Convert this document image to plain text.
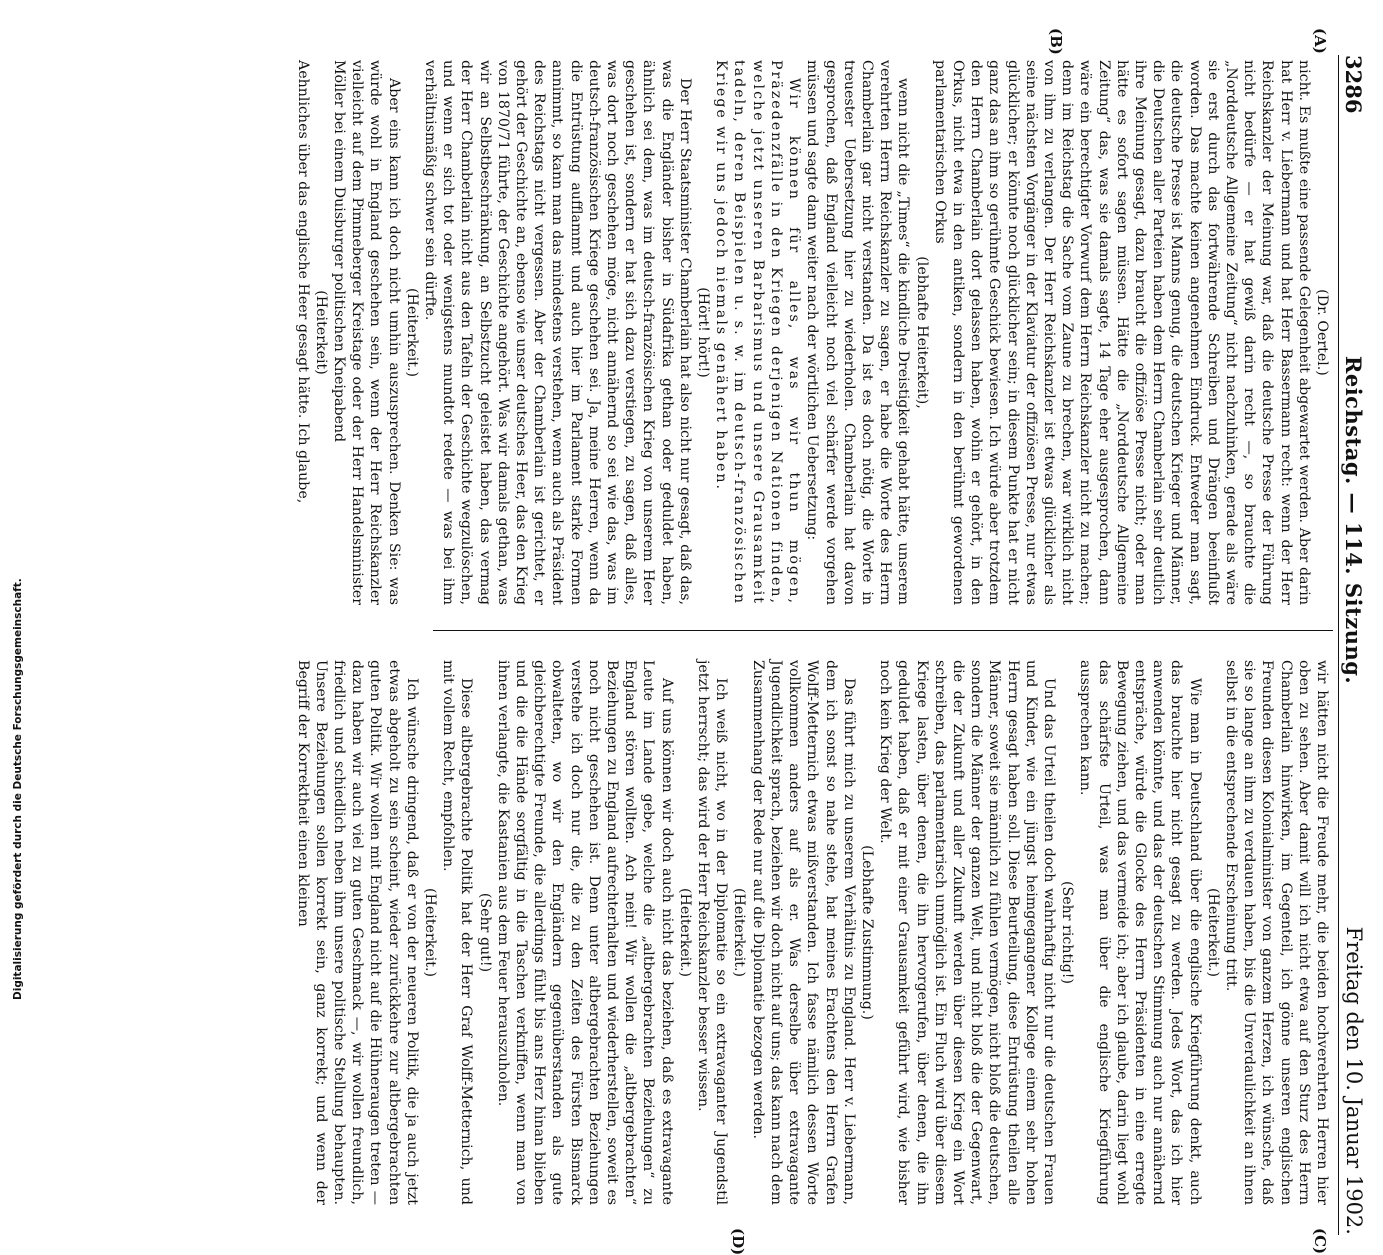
3286
Reichstag. — 114. Sitzung.
Freitag den 10. Januar 1902.
(A)
(B)
(C)
(D)

(Dr. Oertel.)

nicht. Es mußte eine passende Gelegenheit abgewartet werden. Aber darin hat Herr v. Liebermann und hat Herr Bassermann recht: wenn der Herr Reichskanzler der Meinung war, daß die deutsche Presse der Führung nicht bedürfe — er hat gewiß darin recht —, so brauchte die „Norddeutsche Allgemeine Zeitung“ nicht nachzuhinken, gerade als wäre sie erst durch das fortwährende Schreiben und Drängen beeinflußt worden. Das machte keinen angenehmen Eindruck. Entweder man sagt, die deutsche Presse ist Manns genug, die deutschen Krieger und Männer, die Deutschen aller Parteien haben dem Herrn Chamberlain sehr deutlich ihre Meinung gesagt, dazu braucht die offiziöse Presse nicht; oder man hätte es sofort sagen müssen. Hätte die „Norddeutsche Allgemeine Zeitung“ das, was sie damals sagte, 14 Tage eher ausgesprochen, dann wäre ein berechtigter Vorwurf dem Herrn Reichskanzler nicht zu machen; denn im Reichstag die Sache vom Zaune zu brechen, war wirklich nicht von ihm zu verlangen. Der Herr Reichskanzler ist etwas glücklicher als seine nächsten Vorgänger in der Klaviatur der offiziösen Presse, nur etwas glücklicher; er könnte noch glücklicher sein; in diesem Punkte hat er nicht ganz das an ihm so gerühmte Geschick bewiesen. Ich würde aber trotzdem den Herrn Chamberlain dort gelassen haben, wohin er gehört, in den Orkus, nicht etwa in den antiken, sondern in den berühmt gewordenen parlamentarischen Orkus

(lebhafte Heiterkeit),

wenn nicht die „Times“ die kindliche Dreistigkeit gehabt hätte, unserem verehrten Herrn Reichskanzler zu sagen, er habe die Worte des Herrn Chamberlain gar nicht verstanden. Da ist es doch nötig, die Worte in treuester Uebersetzung hier zu wiederholen. Chamberlain hat davon gesprochen, daß England vielleicht noch viel schärfer werde vorgehen müssen und sagte dann weiter nach der wörtlichen Uebersetzung:

Wir können für alles, was wir thun mögen, Präzedenzfälle in den Kriegen derjenigen Nationen finden, welche jetzt unseren Barbarismus und unsere Grausamkeit tadeln, deren Beispielen u. s. w. im deutsch-französischen Kriege wir uns jedoch niemals genähert haben.

(Hört! hört!)

Der Herr Staatsminister Chamberlain hat also nicht nur gesagt, daß das, was die Engländer bisher in Südafrika gethan oder geduldet haben, ähnlich sei dem, was im deutsch-französischen Krieg von unserem Heer geschehen ist, sondern er hat sich dazu verstiegen, zu sagen, daß alles, was dort noch geschehen möge, nicht annähernd so sei wie das, was im deutsch-französischen Kriege geschehen sei. Ja, meine Herren, wenn da die Entrüstung aufflammt und auch hier im Parlament starke Formen annimmt, so kann man das mindestens verstehen, wenn auch als Präsident des Reichstags nicht vergessen. Aber der Chamberlain ist gerichtet, er gehört der Geschichte an, ebenso wie unser deutsches Heer, das den Krieg von 1870/71 führte, der Geschichte angehört. Was wir damals gethan, was wir an Selbstbeschränkung, an Selbstzucht geleistet haben, das vermag der Herr Chamberlain nicht aus den Tafeln der Geschichte wegzulöschen, und wenn er sich tot oder wenigstens mundtot redete — was bei ihm verhältnismäßig schwer sein dürfte.

(Heiterkeit.)

Aber eins kann ich doch nicht umhin auszusprechen. Denken Sie: was würde wohl in England geschehen sein, wenn der Herr Reichskanzler vielleicht auf dem Pimmeberger Kreistage oder der Herr Handelsminister Möller bei einem Duisburger politischen Kneipabend

(Heiterkeit)

Aehnliches über das englische Heer gesagt hätte. Ich glaube,

wir hätten nicht die Freude mehr, die beiden hochverehrten Herren hier oben zu sehen. Aber damit will ich nicht etwa auf den Sturz des Herrn Chamberlain hinwirken, im Gegenteil, ich gönne unseren englischen Freunden diesen Kolonialminister von ganzem Herzen, ich wünsche, daß sie so lange an ihm zu verdauen haben, bis die Unverdaulichkeit an ihnen selbst in die entsprechende Erscheinung tritt.

(Heiterkeit.)

Wie man in Deutschland über die englische Kriegführung denkt, auch das brauchte hier nicht gesagt zu werden. Jedes Wort, das ich hier anwenden könnte, und das der deutschen Stimmung auch nur annähernd entspräche, würde die Glocke des Herrn Präsidenten in eine erregte Bewegung ziehen, und das vermeide ich; aber ich glaube, darin liegt wohl das schärfste Urteil, was man über die englische Kriegführung aussprechen kann.

(Sehr richtig!)

Und das Urteil theilen doch wahrhaftig nicht nur die deutschen Frauen und Kinder, wie ein jüngst heimgegangener Kollege einem sehr hohen Herrn gesagt haben soll. Diese Beurteilung, diese Entrüstung theilen alle Männer, soweit sie männlich zu fühlen vermögen, nicht bloß die deutschen, sondern die Männer der ganzen Welt, und nicht bloß die der Gegenwart, die der Zukunft und aller Zukunft werden über diesen Krieg ein Wort schreiben, das parlamentarisch unmöglich ist. Ein Fluch wird über diesem Kriege lasten, über denen, die ihn hervorgerufen, über denen, die ihn geduldet haben, daß er mit einer Grausamkeit geführt wird, wie bisher noch kein Krieg der Welt.

(Lebhafte Zustimmung.)

Das führt mich zu unserem Verhältnis zu England. Herr v. Liebermann, dem ich sonst so nahe stehe, hat meines Erachtens den Herrn Grafen Wolff-Metternich etwas mißverstanden. Ich fasse nämlich dessen Worte vollkommen anders auf als er. Was derselbe über extravagante Jugendlichkeit sprach, beziehen wir doch nicht auf uns; das kann nach dem Zusammenhang der Rede nur auf die Diplomatie bezogen werden.

(Heiterkeit.)

Ich weiß nicht, wo in der Diplomatie so ein extravaganter Jugendstil jetzt herrscht; das wird der Herr Reichskanzler besser wissen.

(Heiterkeit.)

Auf uns können wir doch auch nicht das beziehen, daß es extravagante Leute im Lande gebe, welche die „altbergebrachten Beziehungen“ zu England stören wollten. Ach nein! Wir wollen die „altbergebrachten“ Beziehungen zu England aufrechterhalten und wiederherstellen, soweit es noch nicht geschehen ist. Denn unter altbergebrachten Beziehungen verstehe ich doch nur die, die zu den Zeiten des Fürsten Bismarck obwalteten, wo wir den Engländern gegenüberstanden als gute gleichberechtigte Freunde, die allerdings fühlt bis ans Herz hinan blieben und die die Hände sorgfältig in die Taschen verkniffen, wenn man von ihnen verlangte, die Kastanien aus dem Feuer herauszuholen.

(Sehr gut!)

Diese altbergebrachte Politik hat der Herr Graf Wolff-Metternich, und mit vollem Recht, empfohlen.

(Heiterkeit.)

Ich wünsche dringend, daß er von der neueren Politik, die ja auch jetzt etwas abgeholt zu sein scheint, wieder zurückkehre zur altbergebrachten guten Politik. Wir wollen mit England nicht auf die Hühneraugen treten — dazu haben wir auch viel zu guten Geschmack —, wir wollen freundlich, friedlich und schiedlich neben ihm unsere politische Stellung behaupten. Unsere Beziehungen sollen korrekt sein, ganz korrekt; und wenn der Begriff der Korrektheit einen kleinen

Digitalisierung gefördert durch die Deutsche Forschungsgemeinschaft.
